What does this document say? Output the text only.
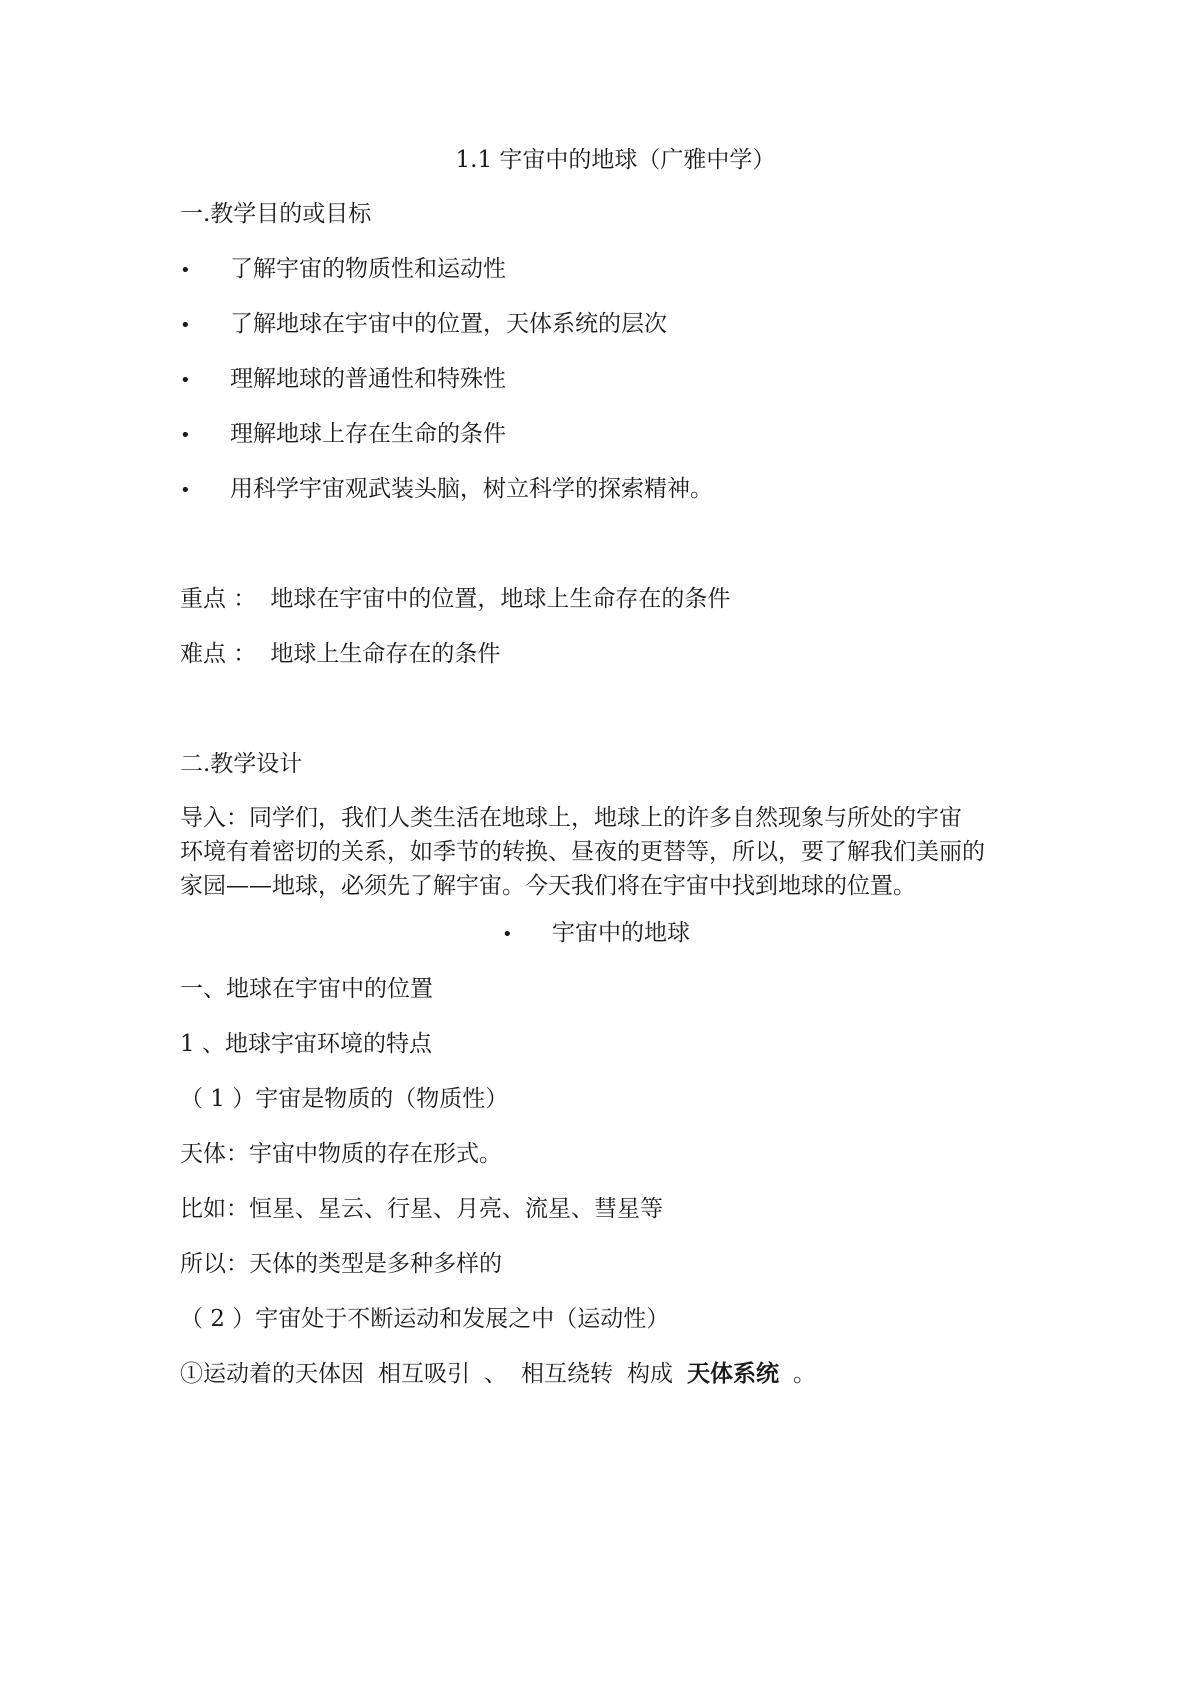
1.1 宇宙中的地球（广雅中学）
一.教学目的或目标
• 了解宇宙的物质性和运动性
• 了解地球在宇宙中的位置，天体系统的层次
• 理解地球的普通性和特殊性
• 理解地球上存在生命的条件
• 用科学宇宙观武装头脑，树立科学的探索精神。
重点 ： 地球在宇宙中的位置，地球上生命存在的条件
难点 ： 地球上生命存在的条件
二.教学设计
导入：同学们，我们人类生活在地球上，地球上的许多自然现象与所处的宇宙
环境有着密切的关系，如季节的转换、昼夜的更替等，所以，要了解我们美丽的
家园——地球，必须先了解宇宙。今天我们将在宇宙中找到地球的位置。
• 宇宙中的地球
一、地球在宇宙中的位置
1 、地球宇宙环境的特点
（ 1 ）宇宙是物质的（物质性）
天体：宇宙中物质的存在形式。
比如：恒星、星云、行星、月亮、流星、彗星等
所以：天体的类型是多种多样的
（ 2 ）宇宙处于不断运动和发展之中（运动性）
①运动着的天体因 相互吸引 、 相互绕转 构成 天体系统 。
